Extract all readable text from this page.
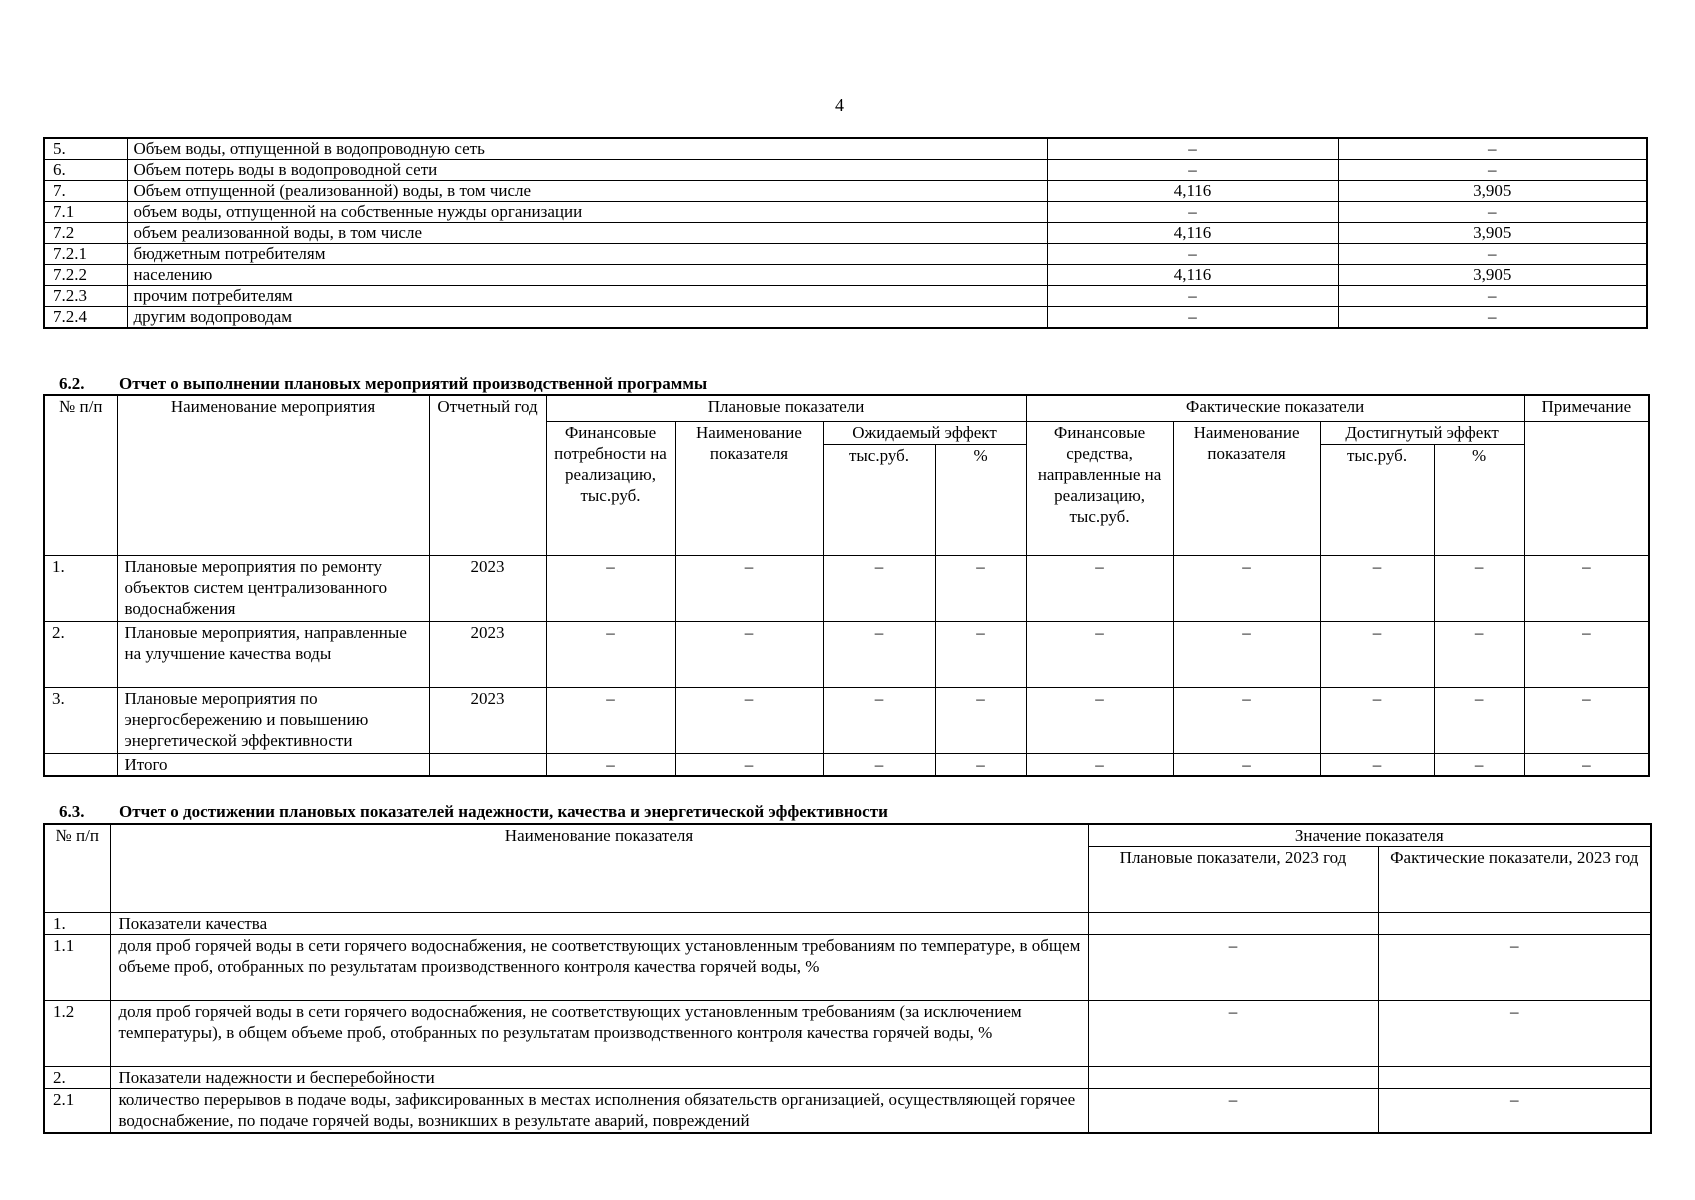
4
5.	Объем воды, отпущенной в водопроводную сеть	–	–
6.	Объем потерь воды в водопроводной сети	–	–
7.	Объем отпущенной (реализованной) воды, в том числе	4,116	3,905
7.1	объем воды, отпущенной на собственные нужды организации	–	–
7.2	объем реализованной воды, в том числе	4,116	3,905
7.2.1	бюджетным потребителям	–	–
7.2.2	населению	4,116	3,905
7.2.3	прочим потребителям	–	–
7.2.4	другим водопроводам	–	–
6.2. Отчет о выполнении плановых мероприятий производственной программы
№ п/п	Наименование мероприятия	Отчетный год	Плановые показатели				Фактические показатели				Примечание
			Финансовые потребности на реализацию, тыс.руб.	Наименование показателя	Ожидаемый эффект		Финансовые средства, направленные на реализацию, тыс.руб.	Наименование показателя	Достигнутый эффект		
					тыс.руб.	%			тыс.руб.	%	
1.	Плановые мероприятия по ремонту объектов систем централизованного водоснабжения	2023	–	–	–	–	–	–	–	–	–
2.	Плановые мероприятия, направленные на улучшение качества воды	2023	–	–	–	–	–	–	–	–	–
3.	Плановые мероприятия по энергосбережению и повышению энергетической эффективности	2023	–	–	–	–	–	–	–	–	–
	Итого		–	–	–	–	–	–	–	–	–
6.3. Отчет о достижении плановых показателей надежности, качества и энергетической эффективности
№ п/п	Наименование показателя	Значение показателя	
		Плановые показатели, 2023 год	Фактические показатели, 2023 год
1.	Показатели качества		
1.1	доля проб горячей воды в сети горячего водоснабжения, не соответствующих установленным требованиям по температуре, в общем объеме проб, отобранных по результатам производственного контроля качества горячей воды, %	–	–
1.2	доля проб горячей воды в сети горячего водоснабжения, не соответствующих установленным требованиям (за исключением температуры), в общем объеме проб, отобранных по результатам производственного контроля качества горячей воды, %	–	–
2.	Показатели надежности и бесперебойности		
2.1	количество перерывов в подаче воды, зафиксированных в местах исполнения обязательств организацией, осуществляющей горячее водоснабжение, по подаче горячей воды, возникших в результате аварий, повреждений	–	–
